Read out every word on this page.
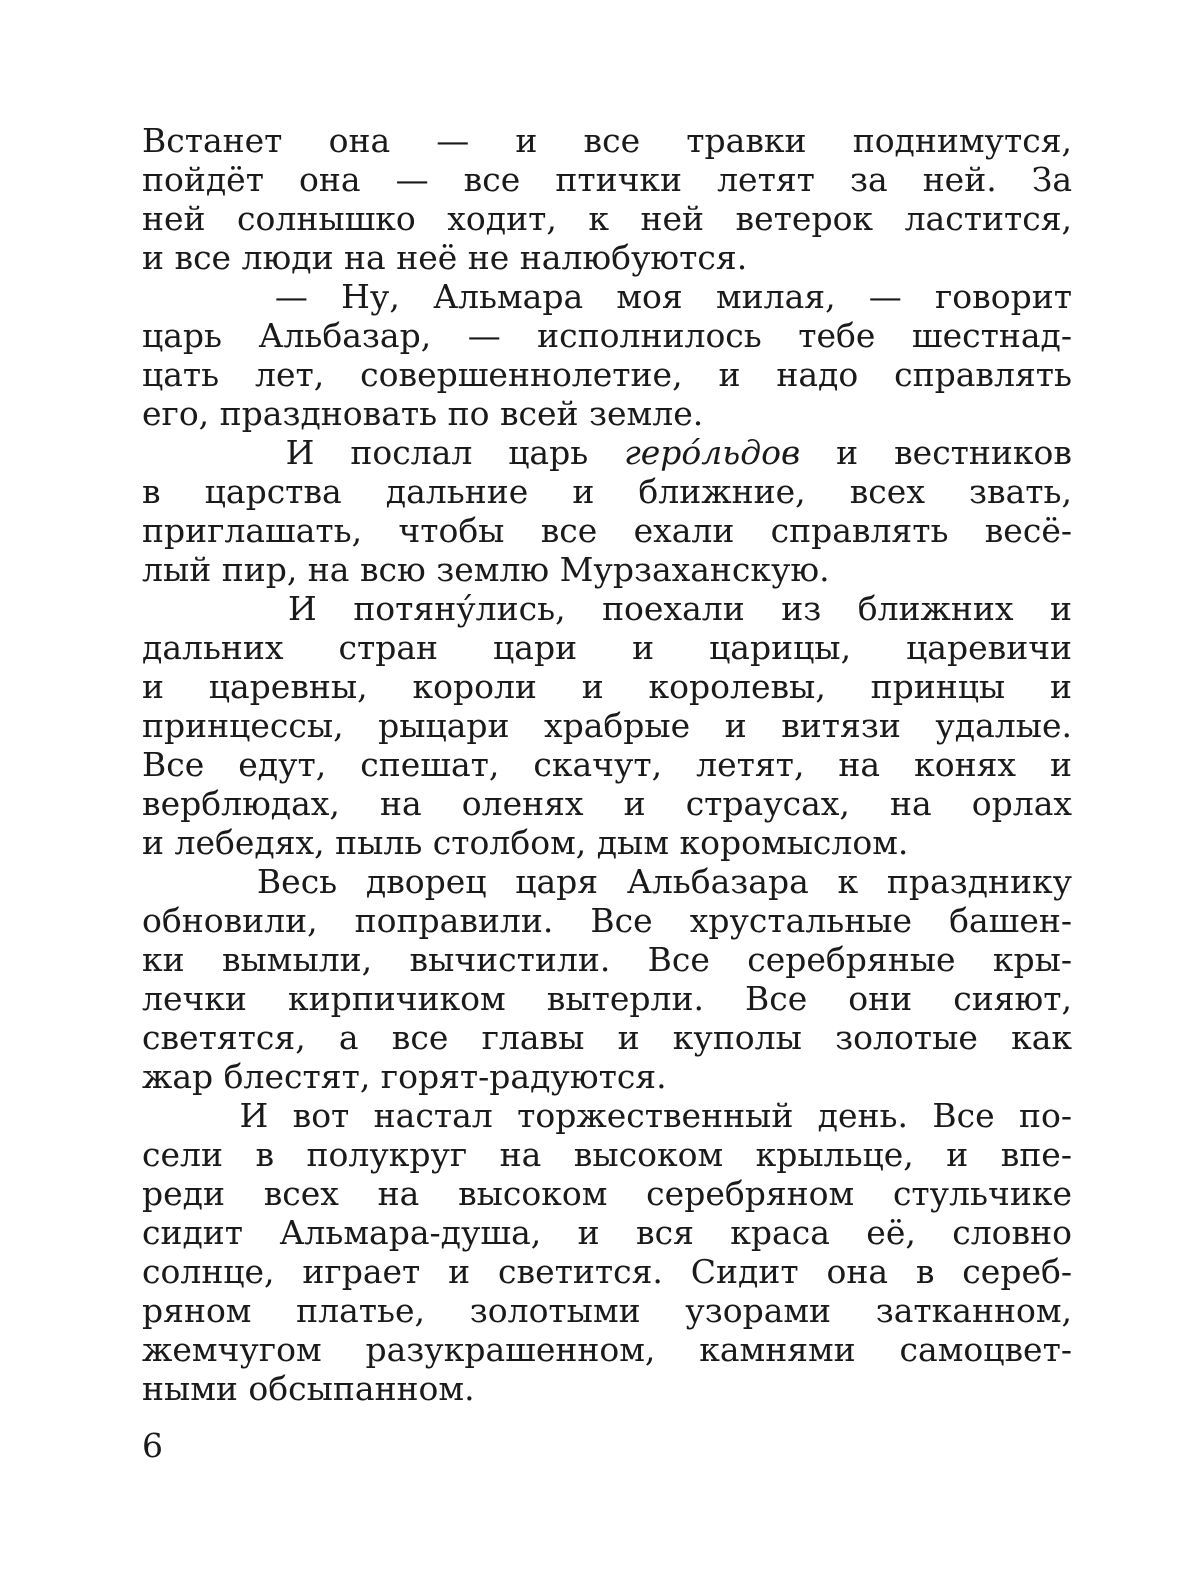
Встанет она — и все травки поднимутся,
пойдёт она — все птички летят за ней. За
ней солнышко ходит, к ней ветерок ластится,
и все люди на неё не налюбуются.
— Ну, Альмара моя милая, — говорит
царь Альбазар, — исполнилось тебе шестнад-
цать лет, совершеннолетие, и надо справлять
его, праздновать по всей земле.
И послал царь геро́льдов и вестников
в царства дальние и ближние, всех звать,
приглашать, чтобы все ехали справлять весё-
лый пир, на всю землю Мурзаханскую.
И потяну́лись, поехали из ближних и
дальних стран цари и царицы, царевичи
и царевны, короли и королевы, принцы и
принцессы, рыцари храбрые и витязи удалые.
Все едут, спешат, скачут, летят, на конях и
верблюдах, на оленях и страусах, на орлах
и лебедях, пыль столбом, дым коромыслом.
Весь дворец царя Альбазара к празднику
обновили, поправили. Все хрустальные башен-
ки вымыли, вычистили. Все серебряные кры-
лечки кирпичиком вытерли. Все они сияют,
светятся, а все главы и куполы золотые как
жар блестят, горят-радуются.
И вот настал торжественный день. Все по-
сели в полукруг на высоком крыльце, и впе-
реди всех на высоком серебряном стульчике
сидит Альмара-душа, и вся краса её, словно
солнце, играет и светится. Сидит она в сереб-
ряном платье, золотыми узорами затканном,
жемчугом разукрашенном, камнями самоцвет-
ными обсыпанном.
6
